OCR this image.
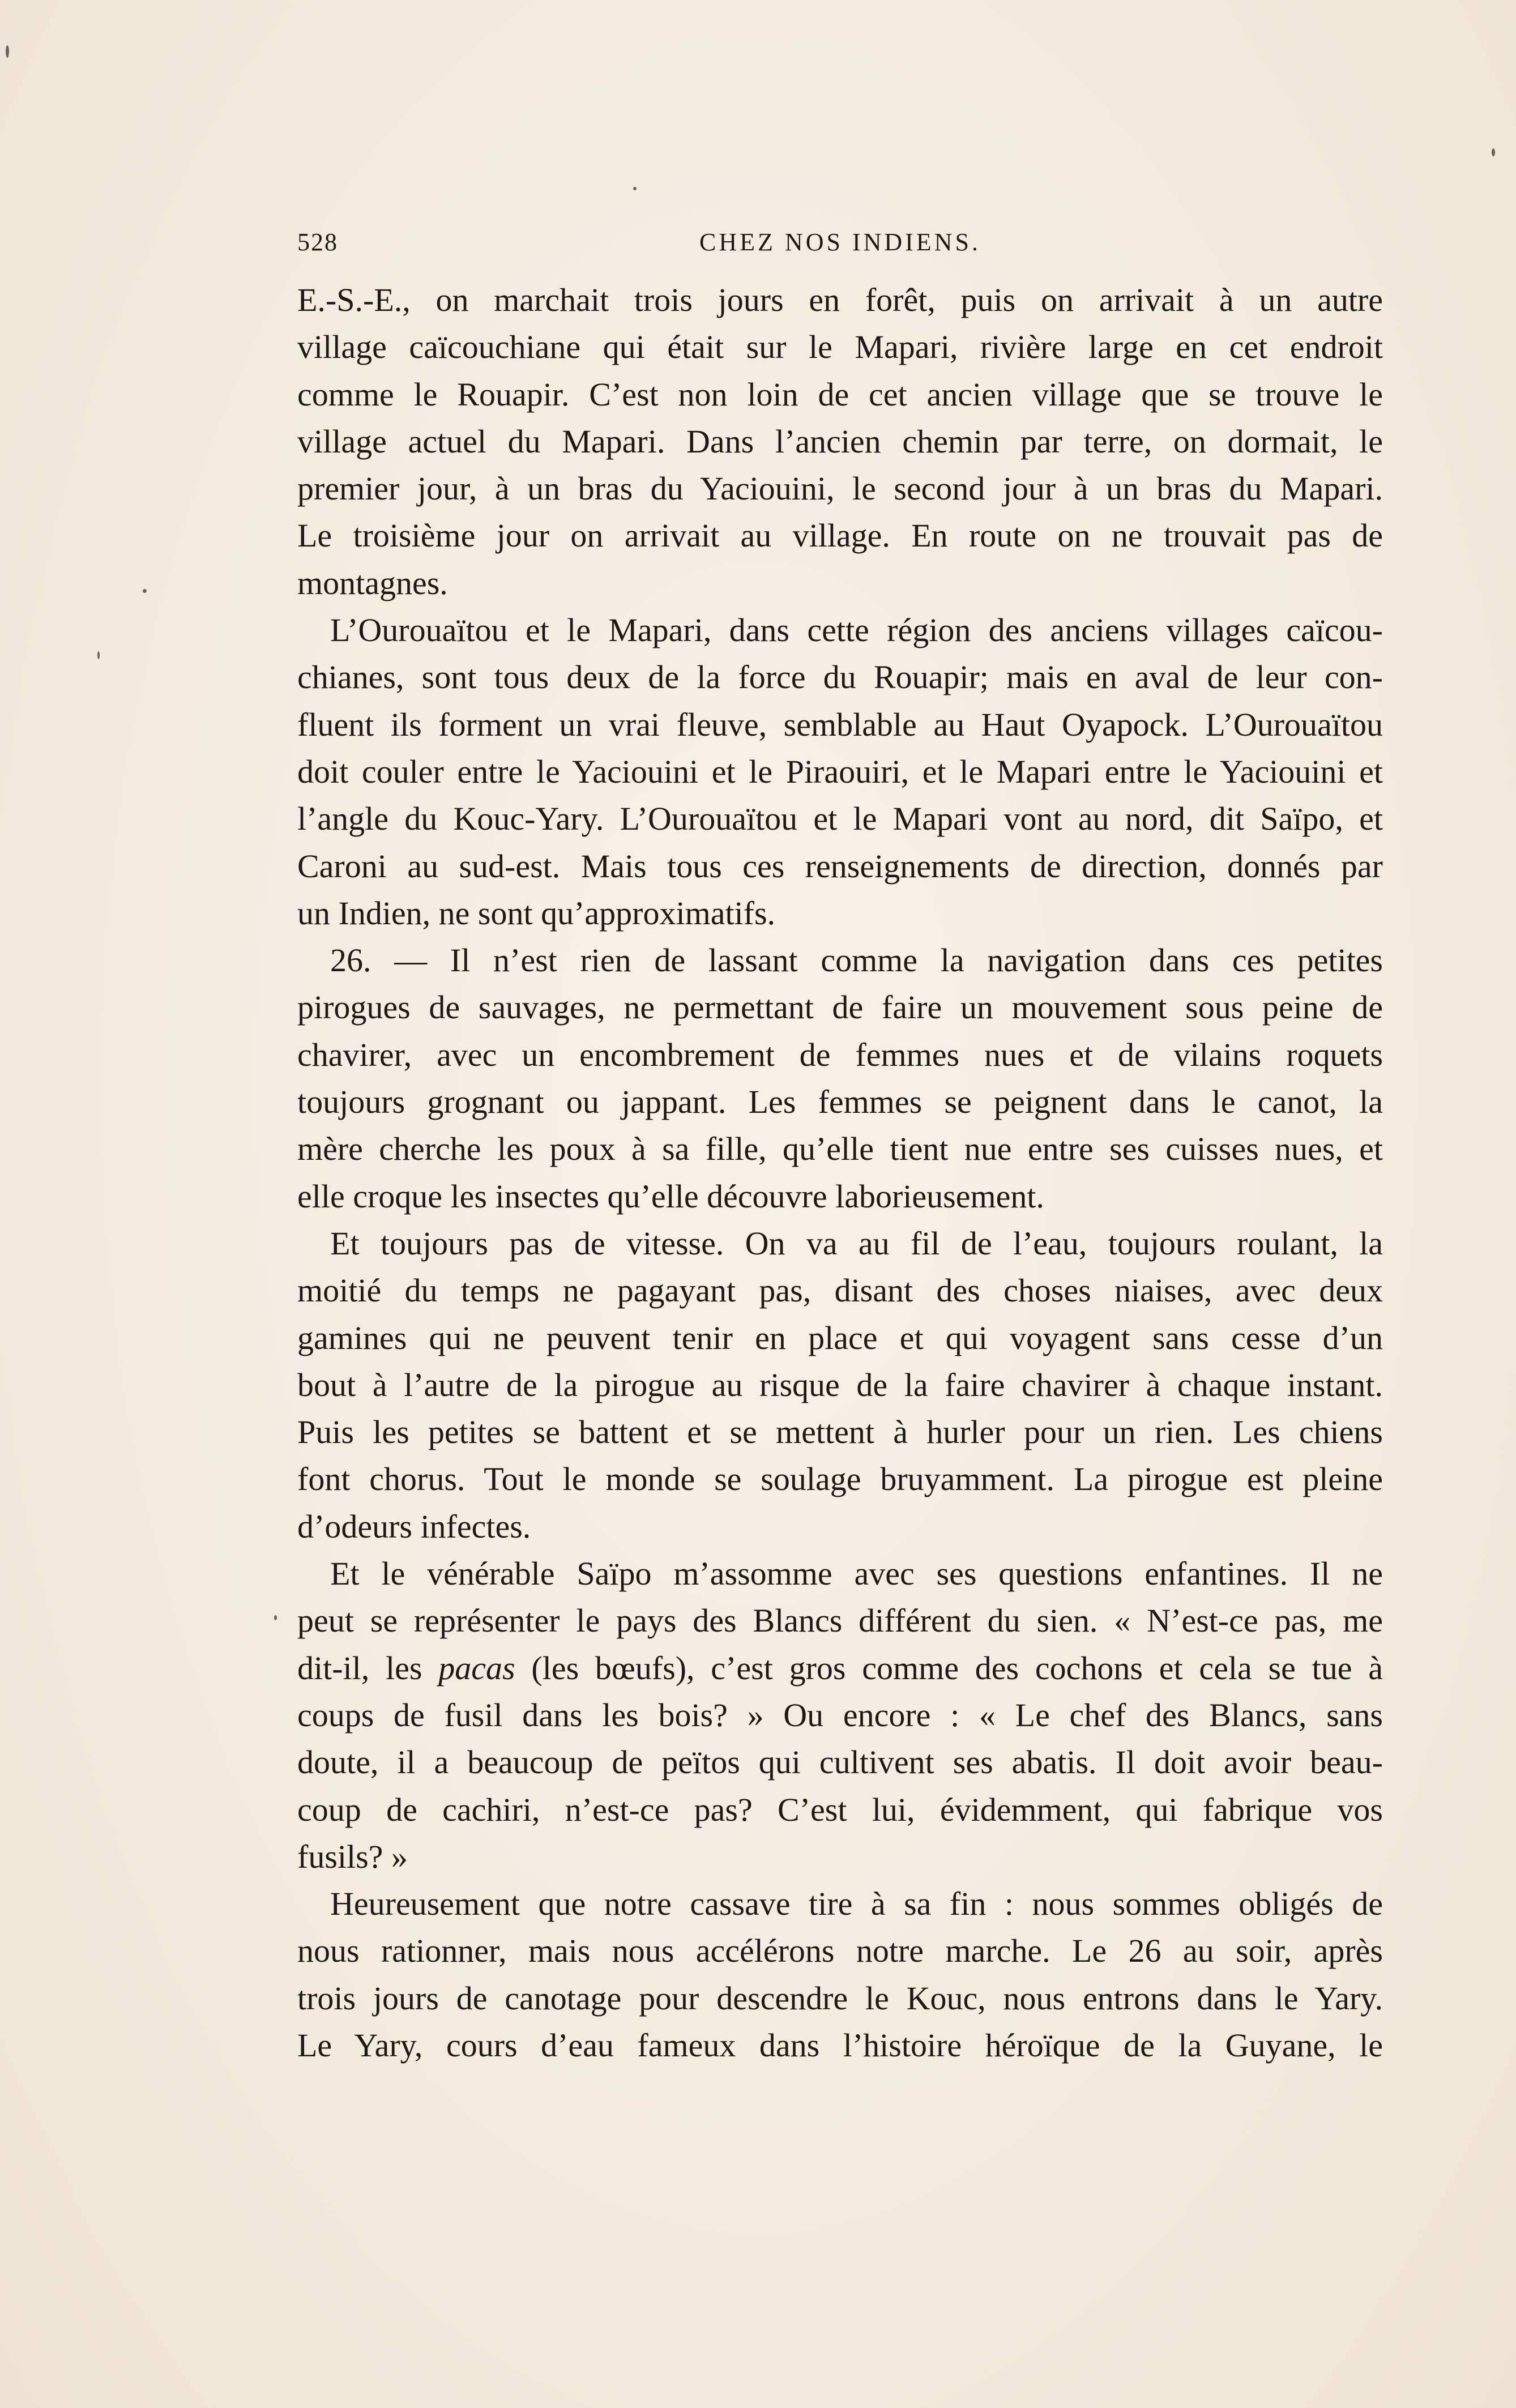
528	CHEZ NOS INDIENS.
E.-S.-E., on marchait trois jours en forêt, puis on arrivait à un autre
village caïcouchiane qui était sur le Mapari, rivière large en cet endroit
comme le Rouapir. C’est non loin de cet ancien village que se trouve le
village actuel du Mapari. Dans l’ancien chemin par terre, on dormait, le
premier jour, à un bras du Yaciouini, le second jour à un bras du Mapari.
Le troisième jour on arrivait au village. En route on ne trouvait pas de
montagnes.
L’Ourouaïtou et le Mapari, dans cette région des anciens villages caïcou-
chianes, sont tous deux de la force du Rouapir; mais en aval de leur con-
fluent ils forment un vrai fleuve, semblable au Haut Oyapock. L’Ourouaïtou
doit couler entre le Yaciouini et le Piraouiri, et le Mapari entre le Yaciouini et
l’angle du Kouc-Yary. L’Ourouaïtou et le Mapari vont au nord, dit Saïpo, et
Caroni au sud-est. Mais tous ces renseignements de direction, donnés par
un Indien, ne sont qu’approximatifs.
26. — Il n’est rien de lassant comme la navigation dans ces petites
pirogues de sauvages, ne permettant de faire un mouvement sous peine de
chavirer, avec un encombrement de femmes nues et de vilains roquets
toujours grognant ou jappant. Les femmes se peignent dans le canot, la
mère cherche les poux à sa fille, qu’elle tient nue entre ses cuisses nues, et
elle croque les insectes qu’elle découvre laborieusement.
Et toujours pas de vitesse. On va au fil de l’eau, toujours roulant, la
moitié du temps ne pagayant pas, disant des choses niaises, avec deux
gamines qui ne peuvent tenir en place et qui voyagent sans cesse d’un
bout à l’autre de la pirogue au risque de la faire chavirer à chaque instant.
Puis les petites se battent et se mettent à hurler pour un rien. Les chiens
font chorus. Tout le monde se soulage bruyamment. La pirogue est pleine
d’odeurs infectes.
Et le vénérable Saïpo m’assomme avec ses questions enfantines. Il ne
peut se représenter le pays des Blancs différent du sien. « N’est-ce pas, me
dit-il, les pacas (les bœufs), c’est gros comme des cochons et cela se tue à
coups de fusil dans les bois? » Ou encore : « Le chef des Blancs, sans
doute, il a beaucoup de peïtos qui cultivent ses abatis. Il doit avoir beau-
coup de cachiri, n’est-ce pas? C’est lui, évidemment, qui fabrique vos
fusils? »
Heureusement que notre cassave tire à sa fin : nous sommes obligés de
nous rationner, mais nous accélérons notre marche. Le 26 au soir, après
trois jours de canotage pour descendre le Kouc, nous entrons dans le Yary.
Le Yary, cours d’eau fameux dans l’histoire héroïque de la Guyane, le
